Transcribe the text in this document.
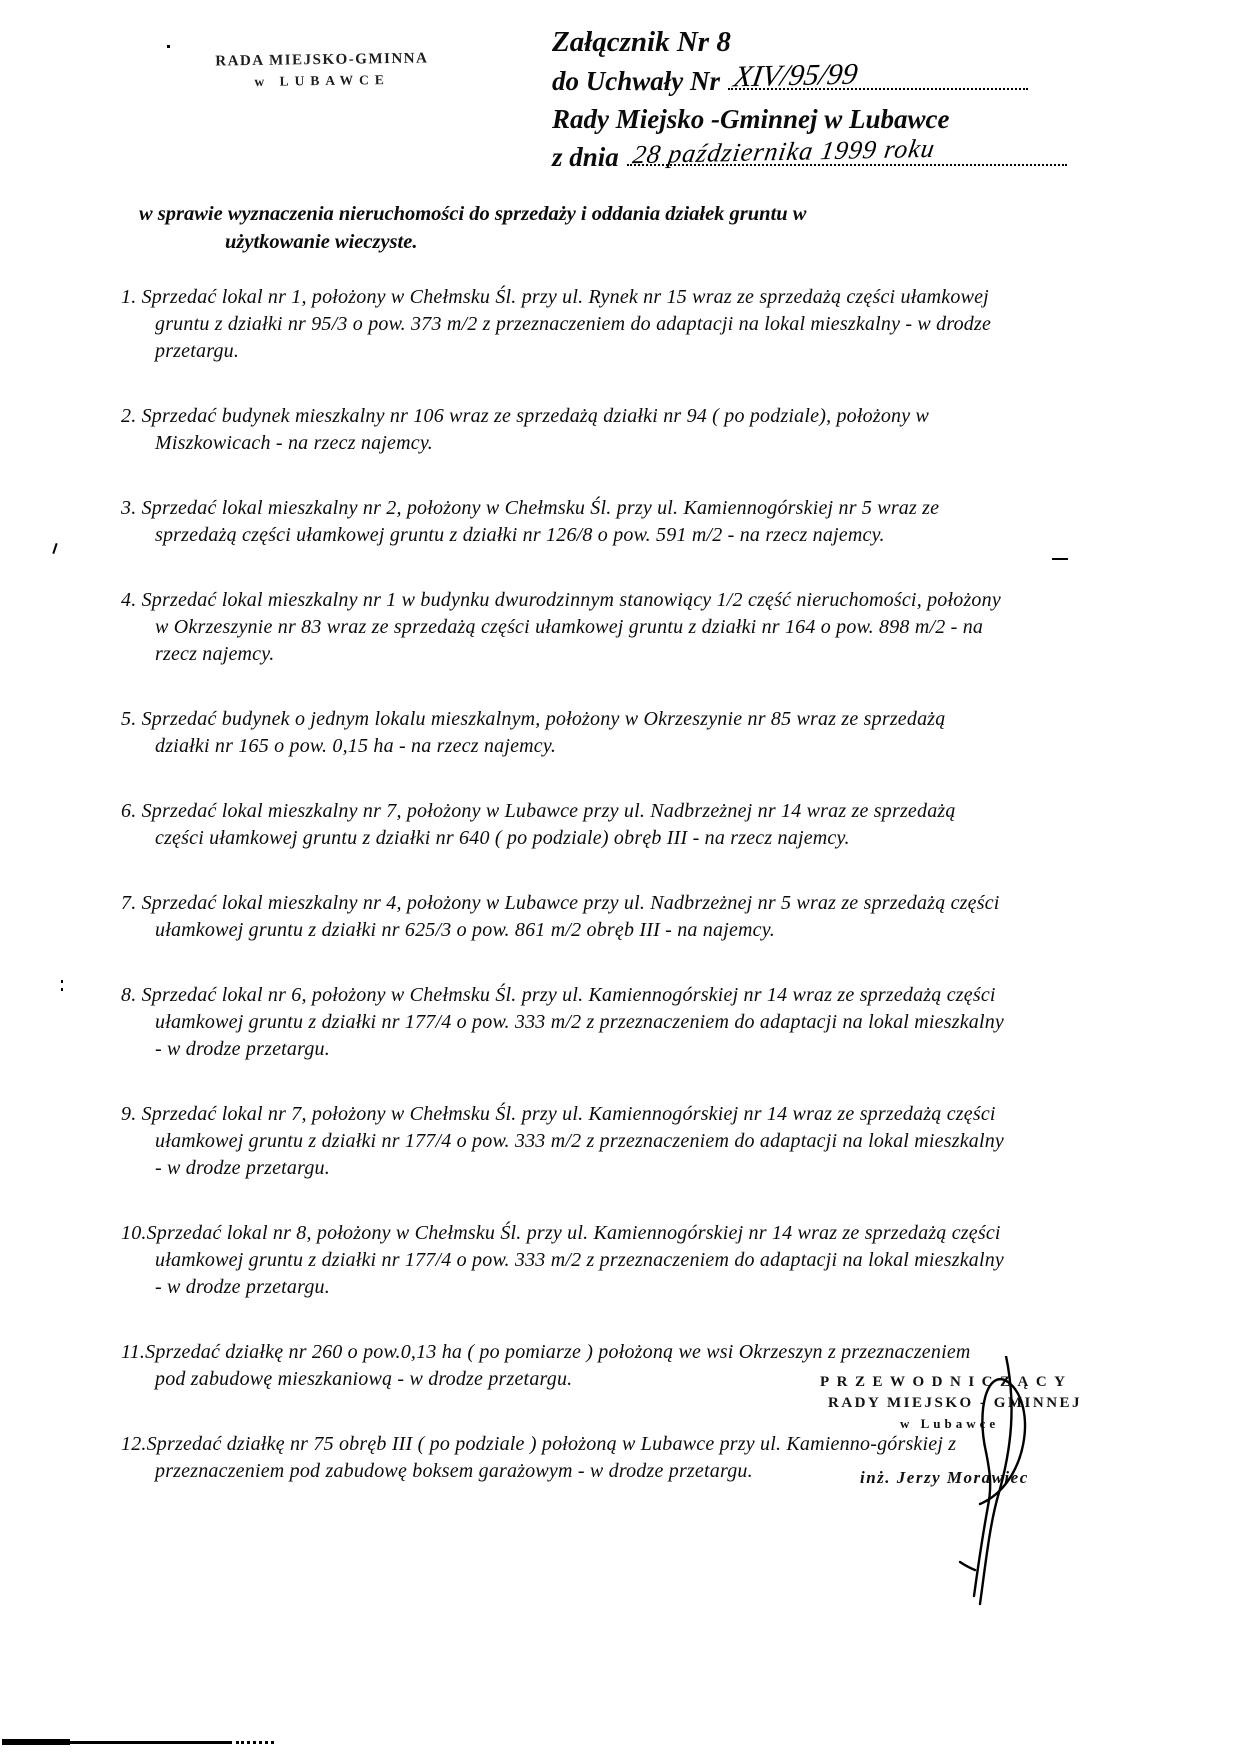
RADA MIEJSKO-GMINNA
w LUBAWCE
Załącznik Nr 8
do Uchwały Nr XIV/95/99
Rady Miejsko -Gminnej w Lubawce
z dnia 28 października 1999 roku
w sprawie wyznaczenia nieruchomości do sprzedaży i oddania działek gruntu w
użytkowanie wieczyste.
1. Sprzedać lokal nr 1, położony w Chełmsku Śl. przy ul. Rynek nr 15 wraz ze sprzedażą części ułamkowej gruntu z działki nr 95/3 o pow. 373 m/2 z przeznaczeniem do adaptacji na lokal mieszkalny - w drodze przetargu.
2. Sprzedać budynek mieszkalny nr 106 wraz ze sprzedażą działki nr 94 ( po podziale), położony w Miszkowicach - na rzecz najemcy.
3. Sprzedać lokal mieszkalny nr 2, położony w Chełmsku Śl. przy ul. Kamiennogórskiej nr 5 wraz ze sprzedażą części ułamkowej gruntu z działki nr 126/8 o pow. 591 m/2 - na rzecz najemcy.
4. Sprzedać lokal mieszkalny nr 1 w budynku dwurodzinnym stanowiący 1/2 część nieruchomości, położony w Okrzeszynie nr 83 wraz ze sprzedażą części ułamkowej gruntu z działki nr 164 o pow. 898 m/2 - na rzecz najemcy.
5. Sprzedać budynek o jednym lokalu mieszkalnym, położony w Okrzeszynie nr 85 wraz ze sprzedażą działki nr 165 o pow. 0,15 ha - na rzecz najemcy.
6. Sprzedać lokal mieszkalny nr 7, położony w Lubawce przy ul. Nadbrzeżnej nr 14 wraz ze sprzedażą części ułamkowej gruntu z działki nr 640 ( po podziale) obręb III - na rzecz najemcy.
7. Sprzedać lokal mieszkalny nr 4, położony w Lubawce przy ul. Nadbrzeżnej nr 5 wraz ze sprzedażą części ułamkowej gruntu z działki nr 625/3 o pow. 861 m/2 obręb III - na najemcy.
8. Sprzedać lokal nr 6, położony w Chełmsku Śl. przy ul. Kamiennogórskiej nr 14 wraz ze sprzedażą części ułamkowej gruntu z działki nr 177/4 o pow. 333 m/2 z przeznaczeniem do adaptacji na lokal mieszkalny - w drodze przetargu.
9. Sprzedać lokal nr 7, położony w Chełmsku Śl. przy ul. Kamiennogórskiej nr 14 wraz ze sprzedażą części ułamkowej gruntu z działki nr 177/4 o pow. 333 m/2 z przeznaczeniem do adaptacji na lokal mieszkalny - w drodze przetargu.
10.Sprzedać lokal nr 8, położony w Chełmsku Śl. przy ul. Kamiennogórskiej nr 14 wraz ze sprzedażą części ułamkowej gruntu z działki nr 177/4 o pow. 333 m/2 z przeznaczeniem do adaptacji na lokal mieszkalny - w drodze przetargu.
11.Sprzedać działkę nr 260 o pow.0,13 ha ( po pomiarze ) położoną we wsi Okrzeszyn z przeznaczeniem pod zabudowę mieszkaniową - w drodze przetargu.
12.Sprzedać działkę nr 75 obręb III ( po podziale ) położoną w Lubawce przy ul. Kamienno-górskiej z przeznaczeniem pod zabudowę boksem garażowym - w drodze przetargu.
PRZEWODNICZĄCY
RADY MIEJSKO - GMINNEJ
w Lubawce
inż. Jerzy Morawiec
